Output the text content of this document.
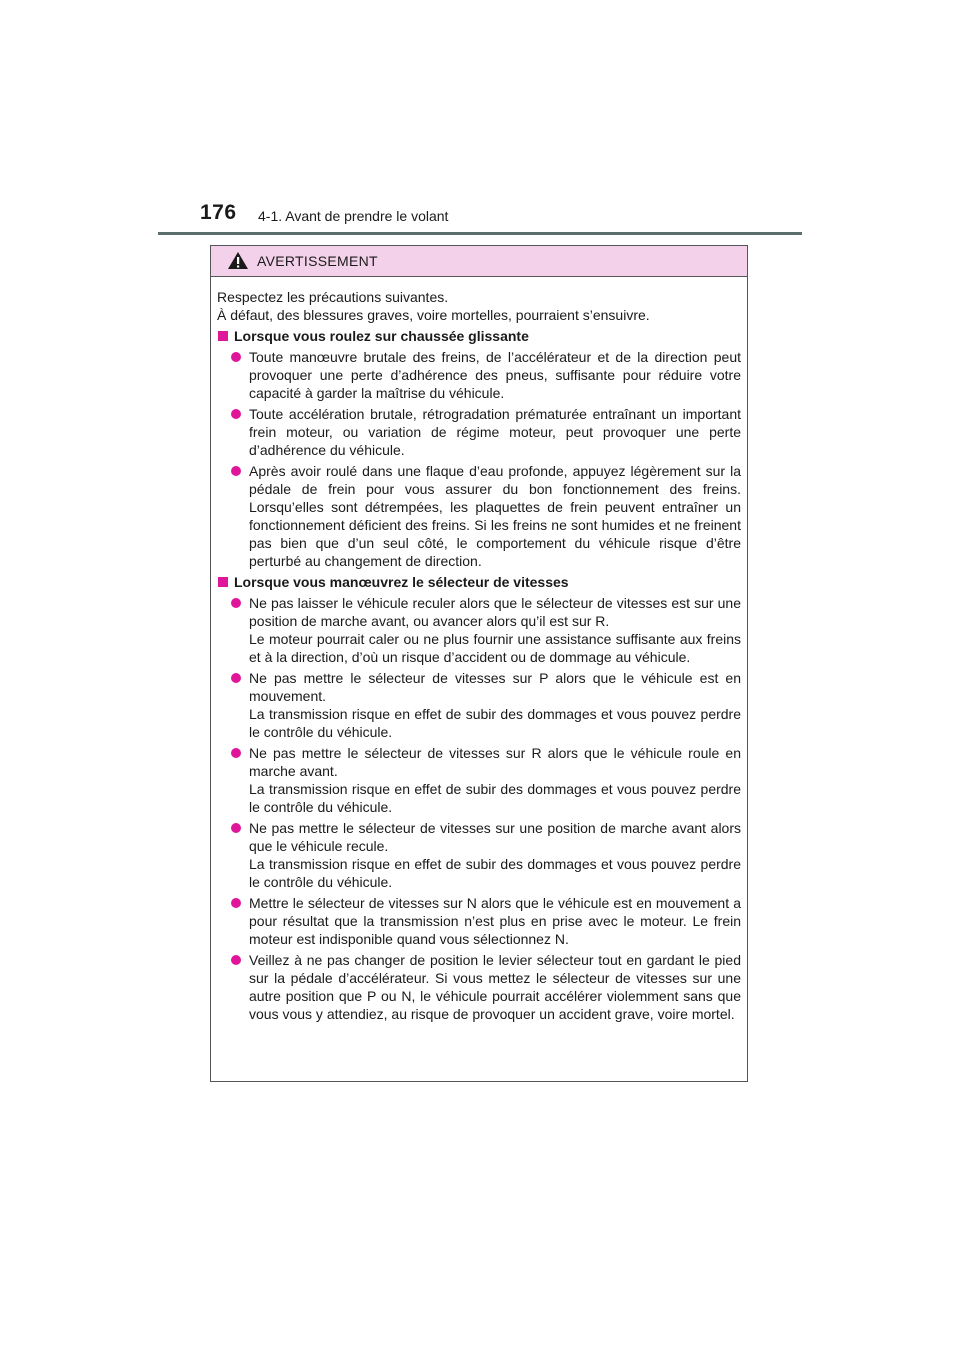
176 4-1. Avant de prendre le volant
AVERTISSEMENT

Respectez les précautions suivantes.
À défaut, des blessures graves, voire mortelles, pourraient s’ensuivre.

Lorsque vous roulez sur chaussée glissante
Toute manœuvre brutale des freins, de l’accélérateur et de la direction peut provoquer une perte d’adhérence des pneus, suffisante pour réduire votre capacité à garder la maîtrise du véhicule.
Toute accélération brutale, rétrogradation prématurée entraînant un important frein moteur, ou variation de régime moteur, peut provoquer une perte d’adhérence du véhicule.
Après avoir roulé dans une flaque d’eau profonde, appuyez légèrement sur la pédale de frein pour vous assurer du bon fonctionnement des freins. Lorsqu’elles sont détrempées, les plaquettes de frein peuvent entraîner un fonctionnement déficient des freins. Si les freins ne sont humides et ne freinent pas bien que d’un seul côté, le comportement du véhicule risque d’être perturbé au changement de direction.
Lorsque vous manœuvrez le sélecteur de vitesses
Ne pas laisser le véhicule reculer alors que le sélecteur de vitesses est sur une position de marche avant, ou avancer alors qu’il est sur R.
Le moteur pourrait caler ou ne plus fournir une assistance suffisante aux freins et à la direction, d’où un risque d’accident ou de dommage au véhicule.
Ne pas mettre le sélecteur de vitesses sur P alors que le véhicule est en mouvement.
La transmission risque en effet de subir des dommages et vous pouvez perdre le contrôle du véhicule.
Ne pas mettre le sélecteur de vitesses sur R alors que le véhicule roule en marche avant.
La transmission risque en effet de subir des dommages et vous pouvez perdre le contrôle du véhicule.
Ne pas mettre le sélecteur de vitesses sur une position de marche avant alors que le véhicule recule.
La transmission risque en effet de subir des dommages et vous pouvez perdre le contrôle du véhicule.
Mettre le sélecteur de vitesses sur N alors que le véhicule est en mouvement a pour résultat que la transmission n’est plus en prise avec le moteur. Le frein moteur est indisponible quand vous sélectionnez N.
Veillez à ne pas changer de position le levier sélecteur tout en gardant le pied sur la pédale d’accélérateur. Si vous mettez le sélecteur de vitesses sur une autre position que P ou N, le véhicule pourrait accélérer violemment sans que vous vous y attendiez, au risque de provoquer un accident grave, voire mortel.
